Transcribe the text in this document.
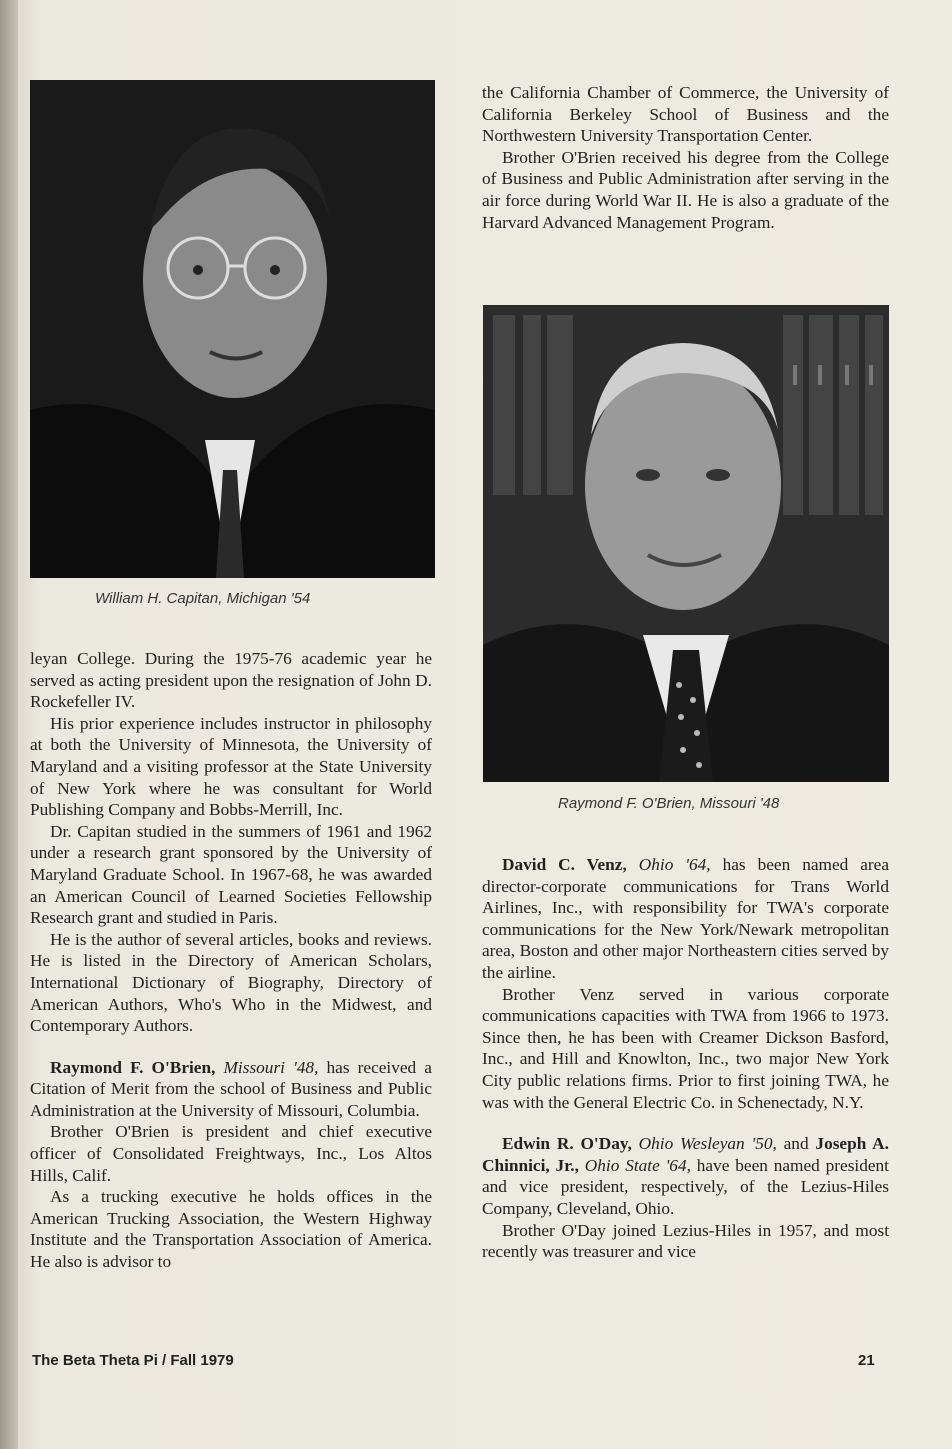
William H. Capitan, Michigan '54
Raymond F. O'Brien, Missouri '48

the California Chamber of Commerce, the University of California Berkeley School of Business and the Northwestern University Transportation Center.

Brother O'Brien received his degree from the College of Business and Public Administration after serving in the air force during World War II. He is also a graduate of the Harvard Advanced Management Program.

leyan College. During the 1975-76 academic year he served as acting president upon the resignation of John D. Rockefeller IV.

His prior experience includes instructor in philosophy at both the University of Minnesota, the University of Maryland and a visiting professor at the State University of New York where he was consultant for World Publishing Company and Bobbs-Merrill, Inc.

Dr. Capitan studied in the summers of 1961 and 1962 under a research grant sponsored by the University of Maryland Graduate School. In 1967-68, he was awarded an American Council of Learned Societies Fellowship Research grant and studied in Paris.

He is the author of several articles, books and reviews. He is listed in the Directory of American Scholars, International Dictionary of Biography, Directory of American Authors, Who's Who in the Midwest, and Contemporary Authors.

Raymond F. O'Brien, Missouri '48, has received a Citation of Merit from the school of Business and Public Administration at the University of Missouri, Columbia.

Brother O'Brien is president and chief executive officer of Consolidated Freightways, Inc., Los Altos Hills, Calif.

As a trucking executive he holds offices in the American Trucking Association, the Western Highway Institute and the Transportation Association of America. He also is advisor to

David C. Venz, Ohio '64, has been named area director-corporate communications for Trans World Airlines, Inc., with responsibility for TWA's corporate communications for the New York/Newark metropolitan area, Boston and other major Northeastern cities served by the airline.

Brother Venz served in various corporate communications capacities with TWA from 1966 to 1973. Since then, he has been with Creamer Dickson Basford, Inc., and Hill and Knowlton, Inc., two major New York City public relations firms. Prior to first joining TWA, he was with the General Electric Co. in Schenectady, N.Y.

Edwin R. O'Day, Ohio Wesleyan '50, and Joseph A. Chinnici, Jr., Ohio State '64, have been named president and vice president, respectively, of the Lezius-Hiles Company, Cleveland, Ohio.

Brother O'Day joined Lezius-Hiles in 1957, and most recently was treasurer and vice

The Beta Theta Pi / Fall 1979	21
